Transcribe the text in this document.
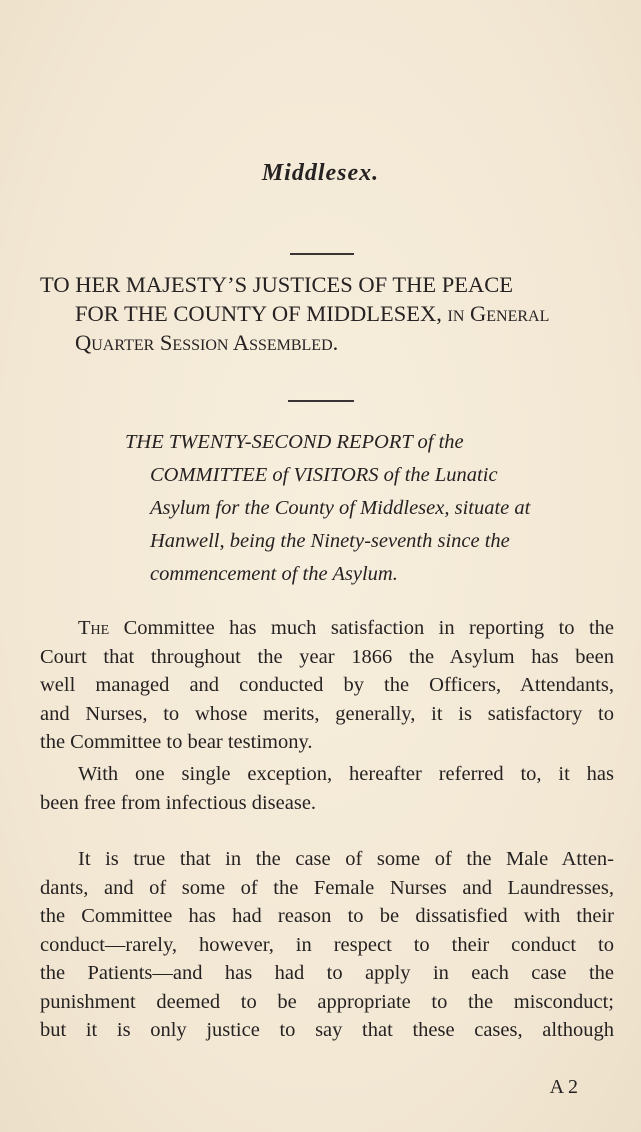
Middlesex.
TO HER MAJESTY’S JUSTICES OF THE PEACE
FOR THE COUNTY OF MIDDLESEX, in General
Quarter Session Assembled.
THE TWENTY-SECOND REPORT of the
COMMITTEE of VISITORS of the Lunatic
Asylum for the County of Middlesex, situate at
Hanwell, being the Ninety-seventh since the
commencement of the Asylum.
The Committee has much satisfaction in reporting to the
Court that throughout the year 1866 the Asylum has been
well managed and conducted by the Officers, Attendants,
and Nurses, to whose merits, generally, it is satisfactory to
the Committee to bear testimony.
With one single exception, hereafter referred to, it has
been free from infectious disease.
It is true that in the case of some of the Male Atten-
dants, and of some of the Female Nurses and Laundresses,
the Committee has had reason to be dissatisfied with their
conduct—rarely, however, in respect to their conduct to
the Patients—and has had to apply in each case the
punishment deemed to be appropriate to the misconduct;
but it is only justice to say that these cases, although
A 2
